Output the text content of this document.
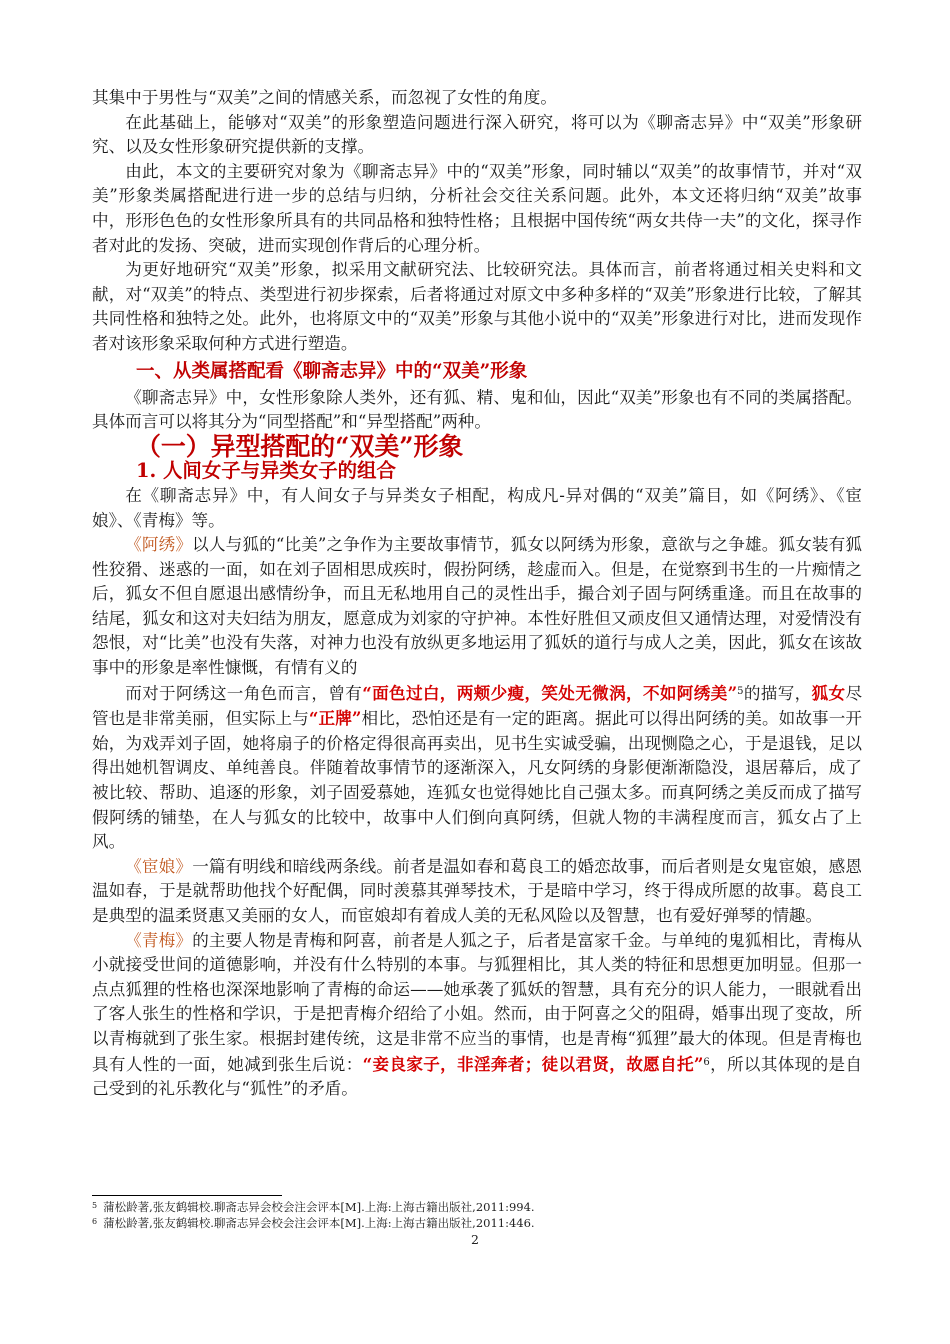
其集中于男性与“双美”之间的情感关系，而忽视了女性的角度。

在此基础上，能够对“双美”的形象塑造问题进行深入研究，将可以为《聊斋志异》中“双美”形象研究、以及女性形象研究提供新的支撑。

由此，本文的主要研究对象为《聊斋志异》中的“双美”形象，同时辅以“双美”的故事情节，并对“双美”形象类属搭配进行进一步的总结与归纳，分析社会交往关系问题。此外，本文还将归纳“双美”故事中，形形色色的女性形象所具有的共同品格和独特性格；且根据中国传统“两女共侍一夫”的文化，探寻作者对此的发扬、突破，进而实现创作背后的心理分析。

为更好地研究“双美”形象，拟采用文献研究法、比较研究法。具体而言，前者将通过相关史料和文献，对“双美”的特点、类型进行初步探索，后者将通过对原文中多种多样的“双美”形象进行比较，了解其共同性格和独特之处。此外，也将原文中的“双美”形象与其他小说中的“双美”形象进行对比，进而发现作者对该形象采取何种方式进行塑造。

一、从类属搭配看《聊斋志异》中的“双美”形象

《聊斋志异》中，女性形象除人类外，还有狐、精、鬼和仙，因此“双美”形象也有不同的类属搭配。具体而言可以将其分为“同型搭配”和“异型搭配”两种。

（一）异型搭配的“双美”形象
1. 人间女子与异类女子的组合

在《聊斋志异》中，有人间女子与异类女子相配，构成凡-异对偶的“双美”篇目，如《阿绣》、《宦娘》、《青梅》等。

《阿绣》以人与狐的“比美”之争作为主要故事情节，狐女以阿绣为形象，意欲与之争雄。狐女装有狐性狡猾、迷惑的一面，如在刘子固相思成疾时，假扮阿绣，趁虚而入。但是，在觉察到书生的一片痴情之后，狐女不但自愿退出感情纷争，而且无私地用自己的灵性出手，撮合刘子固与阿绣重逢。而且在故事的结尾，狐女和这对夫妇结为朋友，愿意成为刘家的守护神。本性好胜但又顽皮但又通情达理，对爱情没有怨恨，对“比美”也没有失落，对神力也没有放纵更多地运用了狐妖的道行与成人之美，因此，狐女在该故事中的形象是率性慷慨，有情有义的

而对于阿绣这一角色而言，曾有“面色过白，两颊少瘦，笑处无微涡，不如阿绣美”$^5$的描写，狐女尽管也是非常美丽，但实际上与“正牌”相比，恐怕还是有一定的距离。据此可以得出阿绣的美。如故事一开始，为戏弄刘子固，她将扇子的价格定得很高再卖出，见书生实诚受骗，出现恻隐之心，于是退钱，足以得出她机智调皮、单纯善良。伴随着故事情节的逐渐深入，凡女阿绣的身影便渐渐隐没，退居幕后，成了被比较、帮助、追逐的形象，刘子固爱慕她，连狐女也觉得她比自己强太多。而真阿绣之美反而成了描写假阿绣的铺垫，在人与狐女的比较中，故事中人们倒向真阿绣，但就人物的丰满程度而言，狐女占了上风。

《宦娘》一篇有明线和暗线两条线。前者是温如春和葛良工的婚恋故事，而后者则是女鬼宦娘，感恩温如春，于是就帮助他找个好配偶，同时羡慕其弹琴技术，于是暗中学习，终于得成所愿的故事。葛良工是典型的温柔贤惠又美丽的女人，而宦娘却有着成人美的无私风险以及智慧，也有爱好弹琴的情趣。

《青梅》的主要人物是青梅和阿喜，前者是人狐之子，后者是富家千金。与单纯的鬼狐相比，青梅从小就接受世间的道德影响，并没有什么特别的本事。与狐狸相比，其人类的特征和思想更加明显。但那一点点狐狸的性格也深深地影响了青梅的命运——她承袭了狐妖的智慧，具有充分的识人能力，一眼就看出了客人张生的性格和学识，于是把青梅介绍给了小姐。然而，由于阿喜之父的阻碍，婚事出现了变故，所以青梅就到了张生家。根据封建传统，这是非常不应当的事情，也是青梅“狐狸”最大的体现。但是青梅也具有人性的一面，她减到张生后说：“妾良家子，非淫奔者；徒以君贤，故愿自托”$^6$，所以其体现的是自己受到的礼乐教化与“狐性”的矛盾。

$^5$ 蒲松龄著,张友鹤辑校.聊斋志异会校会注会评本[M].上海:上海古籍出版社,2011:994.

$^6$ 蒲松龄著,张友鹤辑校.聊斋志异会校会注会评本[M].上海:上海古籍出版社,2011:446.

2
